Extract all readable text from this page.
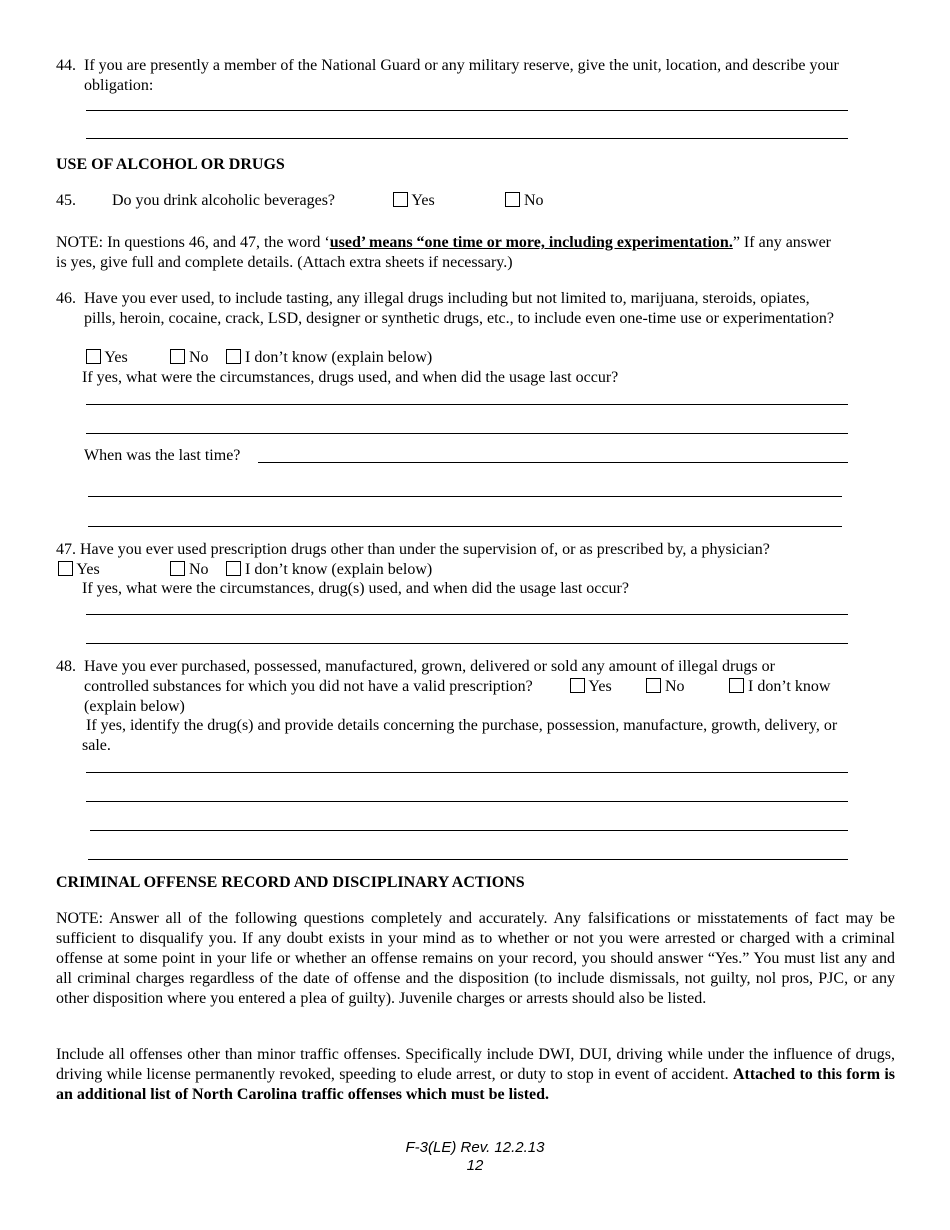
44. If you are presently a member of the National Guard or any military reserve, give the unit, location, and describe your
obligation:
USE OF ALCOHOL OR DRUGS
45. Do you drink alcoholic beverages?	Yes	No
NOTE: In questions 46, and 47, the word ‘used’ means “one time or more, including experimentation.” If any answer
is yes, give full and complete details. (Attach extra sheets if necessary.)
46. Have you ever used, to include tasting, any illegal drugs including but not limited to, marijuana, steroids, opiates,
pills, heroin, cocaine, crack, LSD, designer or synthetic drugs, etc., to include even one-time use or experimentation?
Yes	No	I don’t know (explain below)
If yes, what were the circumstances, drugs used, and when did the usage last occur?
When was the last time?
47. Have you ever used prescription drugs other than under the supervision of, or as prescribed by, a physician?
Yes	No	I don’t know (explain below)
If yes, what were the circumstances, drug(s) used, and when did the usage last occur?
48. Have you ever purchased, possessed, manufactured, grown, delivered or sold any amount of illegal drugs or
controlled substances for which you did not have a valid prescription?	Yes	No	I don’t know
(explain below)
If yes, identify the drug(s) and provide details concerning the purchase, possession, manufacture, growth, delivery, or
sale.
CRIMINAL OFFENSE RECORD AND DISCIPLINARY ACTIONS
NOTE: Answer all of the following questions completely and accurately. Any falsifications or misstatements of fact may be sufficient to disqualify you. If any doubt exists in your mind as to whether or not you were arrested or charged with a criminal offense at some point in your life or whether an offense remains on your record, you should answer “Yes.” You must list any and all criminal charges regardless of the date of offense and the disposition (to include dismissals, not guilty, nol pros, PJC, or any other disposition where you entered a plea of guilty). Juvenile charges or arrests should also be listed.
Include all offenses other than minor traffic offenses. Specifically include DWI, DUI, driving while under the influence of drugs, driving while license permanently revoked, speeding to elude arrest, or duty to stop in event of accident. Attached to this form is an additional list of North Carolina traffic offenses which must be listed.
F-3(LE) Rev. 12.2.13
12
